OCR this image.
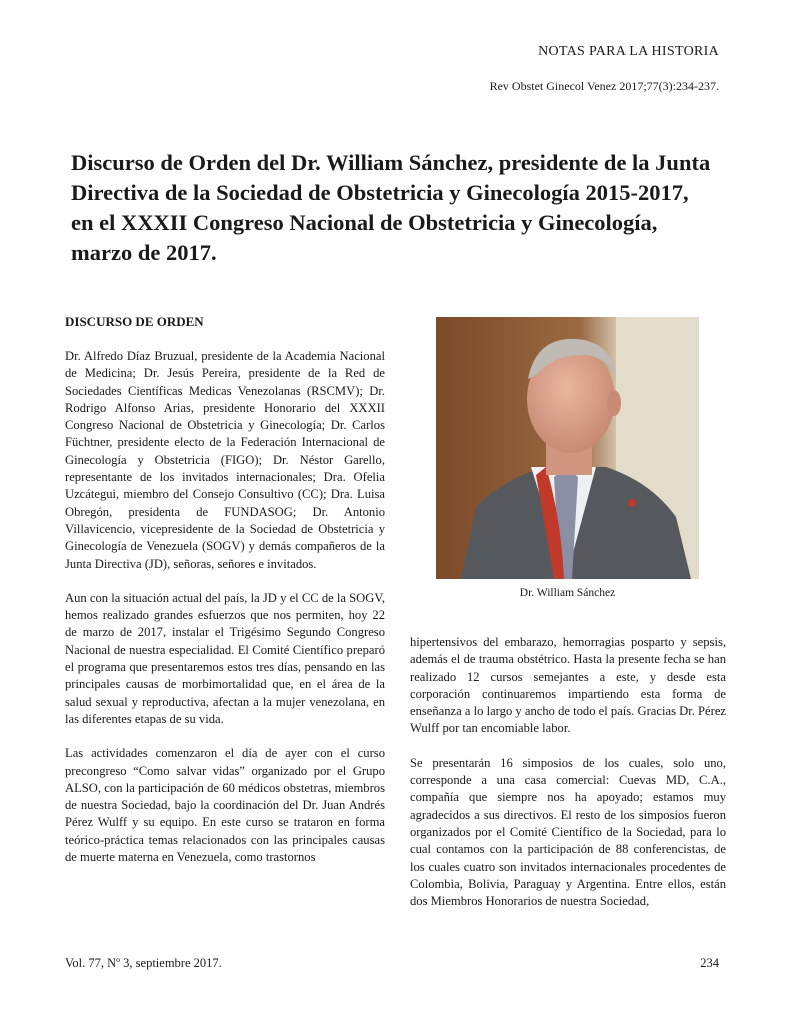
NOTAS PARA LA HISTORIA
Rev Obstet Ginecol Venez 2017;77(3):234-237.
Discurso de Orden del Dr. William Sánchez, presidente de la Junta Directiva de la Sociedad de Obstetricia y Ginecología 2015-2017, en el XXXII Congreso Nacional de Obstetricia y Ginecología, marzo de 2017.
DISCURSO DE ORDEN

Dr. Alfredo Díaz Bruzual, presidente de la Academia Nacional de Medicina; Dr. Jesús Pereira, presidente de la Red de Sociedades Científicas Medicas Venezolanas (RSCMV); Dr. Rodrigo Alfonso Arias, presidente Honorario del XXXII Congreso Nacional de Obstetricia y Ginecología; Dr. Carlos Füchtner, presidente electo de la Federación Internacional de Ginecología y Obstetricia (FIGO); Dr. Néstor Garello, representante de los invitados internacionales; Dra. Ofelia Uzcátegui, miembro del Consejo Consultivo (CC); Dra. Luisa Obregón, presidenta de FUNDASOG; Dr. Antonio Villavicencio, vicepresidente de la Sociedad de Obstetricia y Ginecología de Venezuela (SOGV) y demás compañeros de la Junta Directiva (JD), señoras, señores e invitados.

Aun con la situación actual del país, la JD y el CC de la SOGV, hemos realizado grandes esfuerzos que nos permiten, hoy 22 de marzo de 2017, instalar el Trigésimo Segundo Congreso Nacional de nuestra especialidad. El Comité Científico preparó el programa que presentaremos estos tres días, pensando en las principales causas de morbimortalidad que, en el área de la salud sexual y reproductiva, afectan a la mujer venezolana, en las diferentes etapas de su vida.

Las actividades comenzaron el día de ayer con el curso precongreso “Como salvar vidas” organizado por el Grupo ALSO, con la participación de 60 médicos obstetras, miembros de nuestra Sociedad, bajo la coordinación del Dr. Juan Andrés Pérez Wulff y su equipo. En este curso se trataron en forma teórico-práctica temas relacionados con las principales causas de muerte materna en Venezuela, como trastornos

Dr. William Sánchez

hipertensivos del embarazo, hemorragias posparto y sepsis, además el de trauma obstétrico. Hasta la presente fecha se han realizado 12 cursos semejantes a este, y desde esta corporación continuaremos impartiendo esta forma de enseñanza a lo largo y ancho de todo el país. Gracias Dr. Pérez Wulff por tan encomiable labor.

Se presentarán 16 simposios de los cuales, solo uno, corresponde a una casa comercial: Cuevas MD, C.A., compañía que siempre nos ha apoyado; estamos muy agradecidos a sus directivos. El resto de los simposios fueron organizados por el Comité Científico de la Sociedad, para lo cual contamos con la participación de 88 conferencistas, de los cuales cuatro son invitados internacionales procedentes de Colombia, Bolivia, Paraguay y Argentina. Entre ellos, están dos Miembros Honorarios de nuestra Sociedad,

Vol. 77, Nº 3, septiembre 2017.	234
